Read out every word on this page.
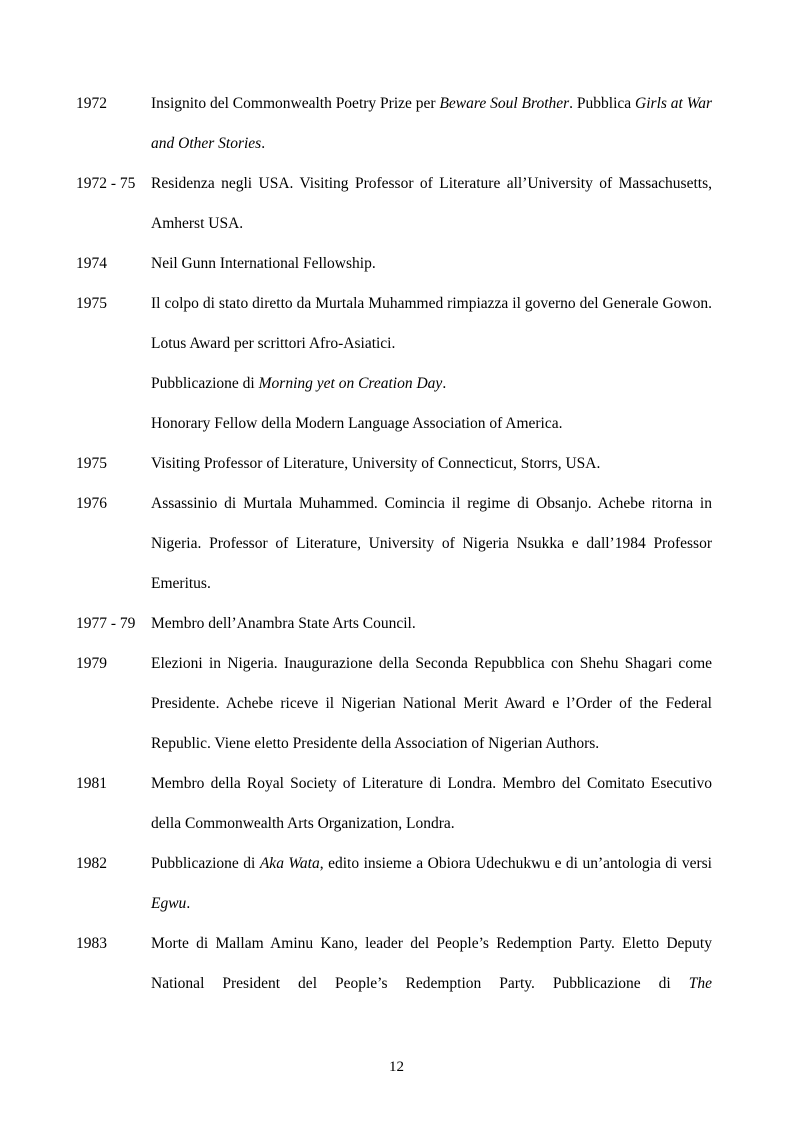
1972	Insignito del Commonwealth Poetry Prize per Beware Soul Brother. Pubblica Girls at War and Other Stories.
1972 - 75	Residenza negli USA. Visiting Professor of Literature all’University of Massachusetts, Amherst USA.
1974	Neil Gunn International Fellowship.
1975	Il colpo di stato diretto da Murtala Muhammed rimpiazza il governo del Generale Gowon. Lotus Award per scrittori Afro-Asiatici.
Pubblicazione di Morning yet on Creation Day.
Honorary Fellow della Modern Language Association of America.
1975	Visiting Professor of Literature, University of Connecticut, Storrs, USA.
1976	Assassinio di Murtala Muhammed. Comincia il regime di Obsanjo. Achebe ritorna in Nigeria. Professor of Literature, University of Nigeria Nsukka e dall’1984 Professor Emeritus.
1977 - 79	Membro dell’Anambra State Arts Council.
1979	Elezioni in Nigeria. Inaugurazione della Seconda Repubblica con Shehu Shagari come Presidente. Achebe riceve il Nigerian National Merit Award e l’Order of the Federal Republic. Viene eletto Presidente della Association of Nigerian Authors.
1981	Membro della Royal Society of Literature di Londra. Membro del Comitato Esecutivo della Commonwealth Arts Organization, Londra.
1982	Pubblicazione di Aka Wata, edito insieme a Obiora Udechukwu e di un’antologia di versi Egwu.
1983	Morte di Mallam Aminu Kano, leader del People’s Redemption Party. Eletto Deputy National President del People’s Redemption Party. Pubblicazione di The
12
